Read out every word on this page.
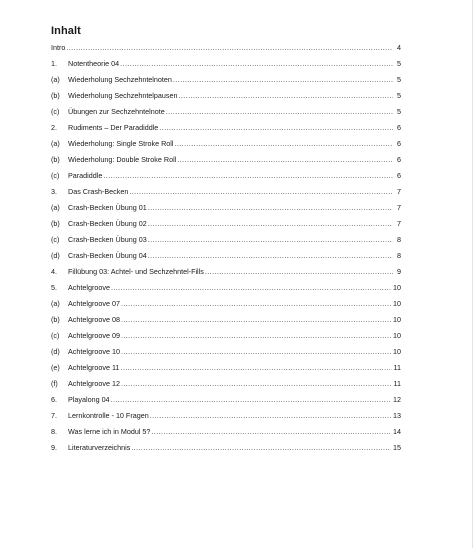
Inhalt
Intro .....	4
1.	Notentheorie 04 .....	5
(a)	Wiederholung Sechzehntelnoten .....	5
(b)	Wiederholung Sechzehntelpausen .....	5
(c)	Übungen zur Sechzehntelnote .....	5
2.	Rudiments – Der Paradiddle .....	6
(a)	Wiederholung: Single Stroke Roll .....	6
(b)	Wiederholung: Double Stroke Roll .....	6
(c)	Paradiddle .....	6
3.	Das Crash-Becken .....	7
(a)	Crash-Becken Übung 01 .....	7
(b)	Crash-Becken Übung 02 .....	7
(c)	Crash-Becken Übung 03 .....	8
(d)	Crash-Becken Übung 04 .....	8
4.	Fillübung 03: Achtel- und Sechzehntel-Fills .....	9
5.	Achtelgroove .....	10
(a)	Achtelgroove 07 .....	10
(b)	Achtelgroove 08 .....	10
(c)	Achtelgroove 09 .....	10
(d)	Achtelgroove 10 .....	10
(e)	Achtelgroove 11 .....	11
(f)	Achtelgroove 12 .....	11
6.	Playalong 04 .....	12
7.	Lernkontrolle - 10 Fragen .....	13
8.	Was lerne ich in Modul 5? .....	14
9.	Literaturverzeichnis .....	15
